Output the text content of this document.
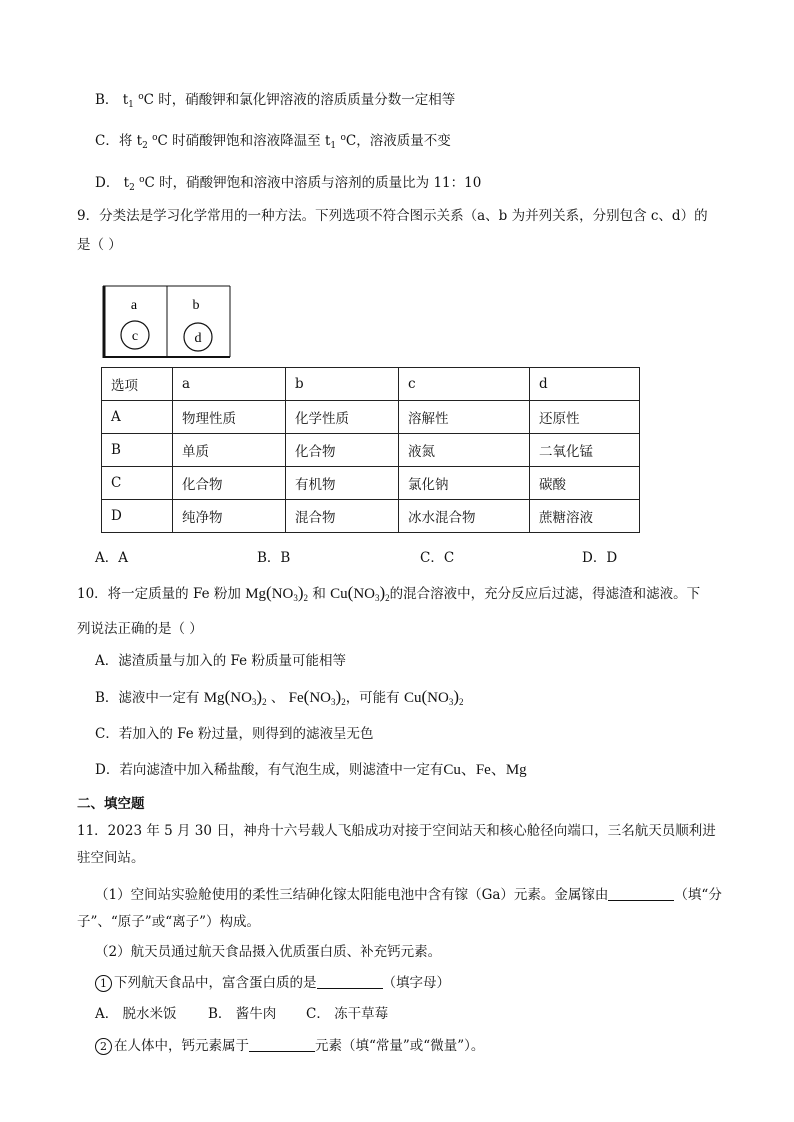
B． $t_1$ $^o$C 时，硝酸钾和氯化钾溶液的溶质质量分数一定相等
C．将 $t_2$ $^o$C 时硝酸钾饱和溶液降温至 $t_1$ $^o$C，溶液质量不变
D． $t_2$ $^o$C 时，硝酸钾饱和溶液中溶质与溶剂的质量比为 11：10
9．分类法是学习化学常用的一种方法。下列选项不符合图示关系（a、b 为并列关系，分别包含 c、d）的
是（ ）
a
c
b
d
选项	a	b	c	d
A	物理性质	化学性质	溶解性	还原性
B	单质	化合物	液氮	二氧化锰
C	化合物	有机物	氯化钠	碳酸
D	纯净物	混合物	冰水混合物	蔗糖溶液
A．A	B．B	C．C	D．D
10．将一定质量的 Fe 粉加 $Mg(NO_3)_2$ 和 $Cu(NO_3)_2$的混合溶液中，充分反应后过滤，得滤渣和滤液。下
列说法正确的是（ ）
A．滤渣质量与加入的 Fe 粉质量可能相等
B．滤液中一定有 $Mg(NO_3)_2$ 、 $Fe(NO_3)_2$，可能有 $Cu(NO_3)_2$
C．若加入的 Fe 粉过量，则得到的滤液呈无色
D．若向滤渣中加入稀盐酸，有气泡生成，则滤渣中一定有Cu、Fe、Mg
二、填空题
11．2023 年 5 月 30 日，神舟十六号载人飞船成功对接于空间站天和核心舱径向端口，三名航天员顺利进
驻空间站。
（1）空间站实验舱使用的柔性三结砷化镓太阳能电池中含有镓（Ga）元素。金属镓由	（填“分
子”、“原子”或“离子”）构成。
（2）航天员通过航天食品摄入优质蛋白质、补充钙元素。
1 下列航天食品中，富含蛋白质的是	（填字母）
A． 脱水米饭 B． 酱牛肉 C． 冻干草莓
2 在人体中，钙元素属于	元素（填“常量”或“微量”）。
